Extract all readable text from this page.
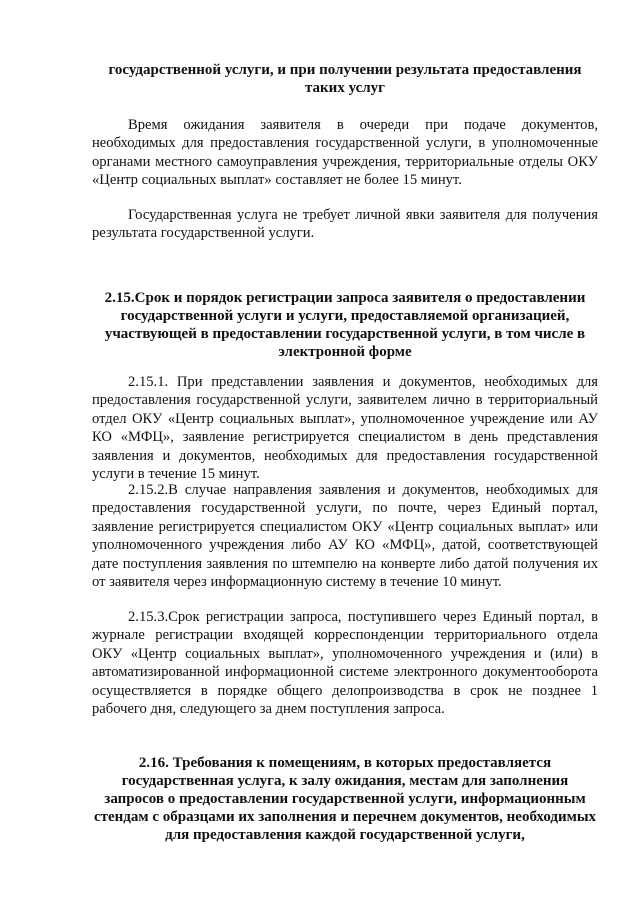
государственной услуги, и при получении результата предоставления таких услуг

Время ожидания заявителя в очереди при подаче документов, необходимых для предоставления государственной услуги, в уполномоченные органами местного самоуправления учреждения, территориальные отделы ОКУ «Центр социальных выплат» составляет не более 15 минут.

Государственная услуга не требует личной явки заявителя для получения результата государственной услуги.

2.15.Срок и порядок регистрации запроса заявителя о предоставлении государственной услуги и услуги, предоставляемой организацией, участвующей в предоставлении государственной услуги, в том числе в электронной форме

2.15.1. При представлении заявления и документов, необходимых для предоставления государственной услуги, заявителем лично в территориальный отдел ОКУ «Центр социальных выплат», уполномоченное учреждение или АУ КО «МФЦ», заявление регистрируется специалистом в день представления заявления и документов, необходимых для предоставления государственной услуги в течение 15 минут.

2.15.2.В случае направления заявления и документов, необходимых для предоставления государственной услуги, по почте, через Единый портал, заявление регистрируется специалистом ОКУ «Центр социальных выплат» или уполномоченного учреждения либо АУ КО «МФЦ», датой, соответствующей дате поступления заявления по штемпелю на конверте либо датой получения их от заявителя через информационную систему в течение 10 минут.

2.15.3.Срок регистрации запроса, поступившего через Единый портал, в журнале регистрации входящей корреспонденции территориального отдела ОКУ «Центр социальных выплат», уполномоченного учреждения и (или) в автоматизированной информационной системе электронного документооборота осуществляется в порядке общего делопроизводства в срок не позднее 1 рабочего дня, следующего за днем поступления запроса.

2.16. Требования к помещениям, в которых предоставляется государственная услуга, к залу ожидания, местам для заполнения запросов о предоставлении государственной услуги, информационным стендам с образцами их заполнения и перечнем документов, необходимых для предоставления каждой государственной услуги,
